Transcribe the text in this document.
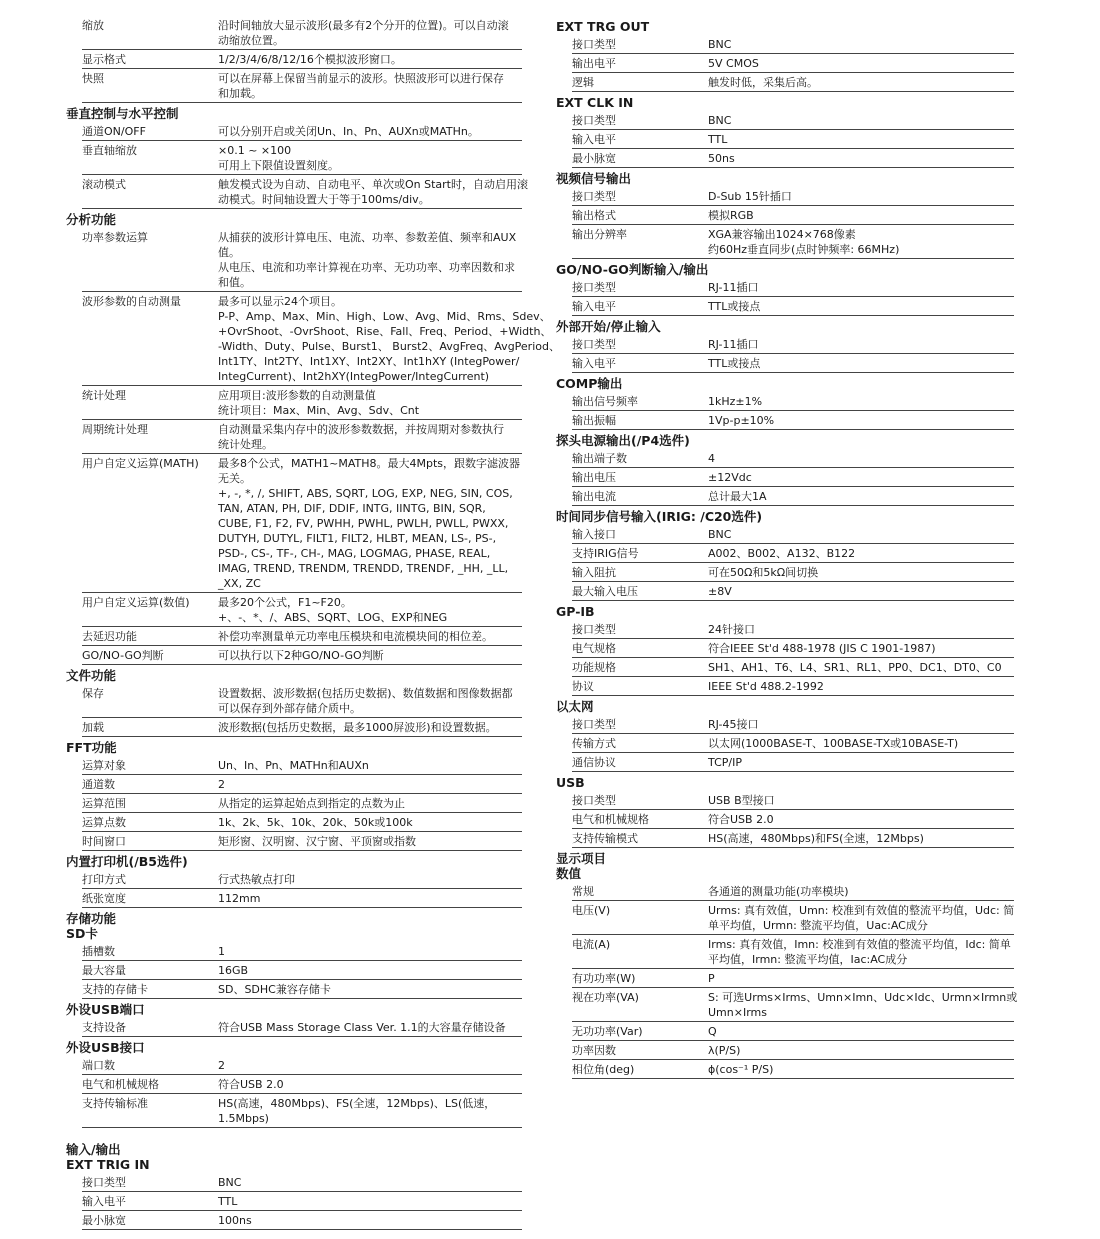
缩放	沿时间轴放大显示波形(最多有2个分开的位置)。可以自动滚
动缩放位置。
显示格式	1/2/3/4/6/8/12/16个模拟波形窗口。
快照	可以在屏幕上保留当前显示的波形。快照波形可以进行保存
和加载。
垂直控制与水平控制
通道ON/OFF	可以分别开启或关闭Un、In、Pn、AUXn或MATHn。
垂直轴缩放	×0.1 ~ ×100
可用上下限值设置刻度。
滚动模式	触发模式设为自动、自动电平、单次或On Start时，自动启用滚
动模式。时间轴设置大于等于100ms/div。
分析功能
功率参数运算	从捕获的波形计算电压、电流、功率、参数差值、频率和AUX
值。
从电压、电流和功率计算视在功率、无功功率、功率因数和求
和值。
波形参数的自动测量	最多可以显示24个项目。
P-P、Amp、Max、Min、High、Low、Avg、Mid、Rms、Sdev、
+OvrShoot、-OvrShoot、Rise、Fall、Freq、Period、+Width、
-Width、Duty、Pulse、Burst1、 Burst2、AvgFreq、AvgPeriod、
Int1TY、Int2TY、Int1XY、Int2XY、Int1hXY (IntegPower/
IntegCurrent)、Int2hXY(IntegPower/IntegCurrent)
统计处理	应用项目:波形参数的自动测量值
统计项目：Max、Min、Avg、Sdv、Cnt
周期统计处理	自动测量采集内存中的波形参数数据，并按周期对参数执行
统计处理。
用户自定义运算(MATH)	最多8个公式，MATH1~MATH8。最大4Mpts，跟数字滤波器
无关。
+, -, *, /, SHIFT, ABS, SQRT, LOG, EXP, NEG, SIN, COS,
TAN, ATAN, PH, DIF, DDIF, INTG, IINTG, BIN, SQR,
CUBE, F1, F2, FV, PWHH, PWHL, PWLH, PWLL, PWXX,
DUTYH, DUTYL, FILT1, FILT2, HLBT, MEAN, LS-, PS-,
PSD-, CS-, TF-, CH-, MAG, LOGMAG, PHASE, REAL,
IMAG, TREND, TRENDM, TRENDD, TRENDF, _HH, _LL,
_XX, ZC
用户自定义运算(数值)	最多20个公式，F1~F20。
+、-、*、/、ABS、SQRT、LOG、EXP和NEG
去延迟功能	补偿功率测量单元功率电压模块和电流模块间的相位差。
GO/NO-GO判断	可以执行以下2种GO/NO-GO判断
文件功能
保存	设置数据、波形数据(包括历史数据)、数值数据和图像数据都
可以保存到外部存储介质中。
加载	波形数据(包括历史数据，最多1000屏波形)和设置数据。
FFT功能
运算对象	Un、In、Pn、MATHn和AUXn
通道数	2
运算范围	从指定的运算起始点到指定的点数为止
运算点数	1k、2k、5k、10k、20k、50k或100k
时间窗口	矩形窗、汉明窗、汉宁窗、平顶窗或指数
内置打印机(/B5选件)
打印方式	行式热敏点打印
纸张宽度	112mm
存储功能
SD卡
插槽数	1
最大容量	16GB
支持的存储卡	SD、SDHC兼容存储卡
外设USB端口
支持设备	符合USB Mass Storage Class Ver. 1.1的大容量存储设备
外设USB接口
端口数	2
电气和机械规格	符合USB 2.0
支持传输标准	HS(高速，480Mbps)、FS(全速，12Mbps)、LS(低速，
1.5Mbps)
输入/输出
EXT TRIG IN
接口类型	BNC
输入电平	TTL
最小脉宽	100ns
EXT TRG OUT
接口类型	BNC
输出电平	5V CMOS
逻辑	触发时低，采集后高。
EXT CLK IN
接口类型	BNC
输入电平	TTL
最小脉宽	50ns
视频信号输出
接口类型	D-Sub 15针插口
输出格式	模拟RGB
输出分辨率	XGA兼容输出1024×768像素
约60Hz垂直同步(点时钟频率: 66MHz)
GO/NO-GO判断输入/输出
接口类型	RJ-11插口
输入电平	TTL或接点
外部开始/停止输入
接口类型	RJ-11插口
输入电平	TTL或接点
COMP输出
输出信号频率	1kHz±1%
输出振幅	1Vp-p±10%
探头电源输出(/P4选件)
输出端子数	4
输出电压	±12Vdc
输出电流	总计最大1A
时间同步信号输入(IRIG: /C20选件)
输入接口	BNC
支持IRIG信号	A002、B002、A132、B122
输入阻抗	可在50Ω和5kΩ间切换
最大输入电压	±8V
GP-IB
接口类型	24针接口
电气规格	符合IEEE St'd 488-1978 (JIS C 1901-1987)
功能规格	SH1、AH1、T6、L4、SR1、RL1、PP0、DC1、DT0、C0
协议	IEEE St'd 488.2-1992
以太网
接口类型	RJ-45接口
传输方式	以太网(1000BASE-T、100BASE-TX或10BASE-T)
通信协议	TCP/IP
USB
接口类型	USB B型接口
电气和机械规格	符合USB 2.0
支持传输模式	HS(高速，480Mbps)和FS(全速，12Mbps)
显示项目
数值
常规	各通道的测量功能(功率模块)
电压(V)	Urms: 真有效值，Umn: 校准到有效值的整流平均值，Udc: 简
单平均值，Urmn: 整流平均值，Uac:AC成分
电流(A)	Irms: 真有效值，Imn: 校准到有效值的整流平均值，Idc: 简单
平均值，Irmn: 整流平均值，Iac:AC成分
有功功率(W)	P
视在功率(VA)	S: 可选Urms×Irms、Umn×Imn、Udc×Idc、Urmn×Irmn或
Umn×Irms
无功功率(Var)	Q
功率因数	λ(P/S)
相位角(deg)	ϕ(cos⁻¹ P/S)
